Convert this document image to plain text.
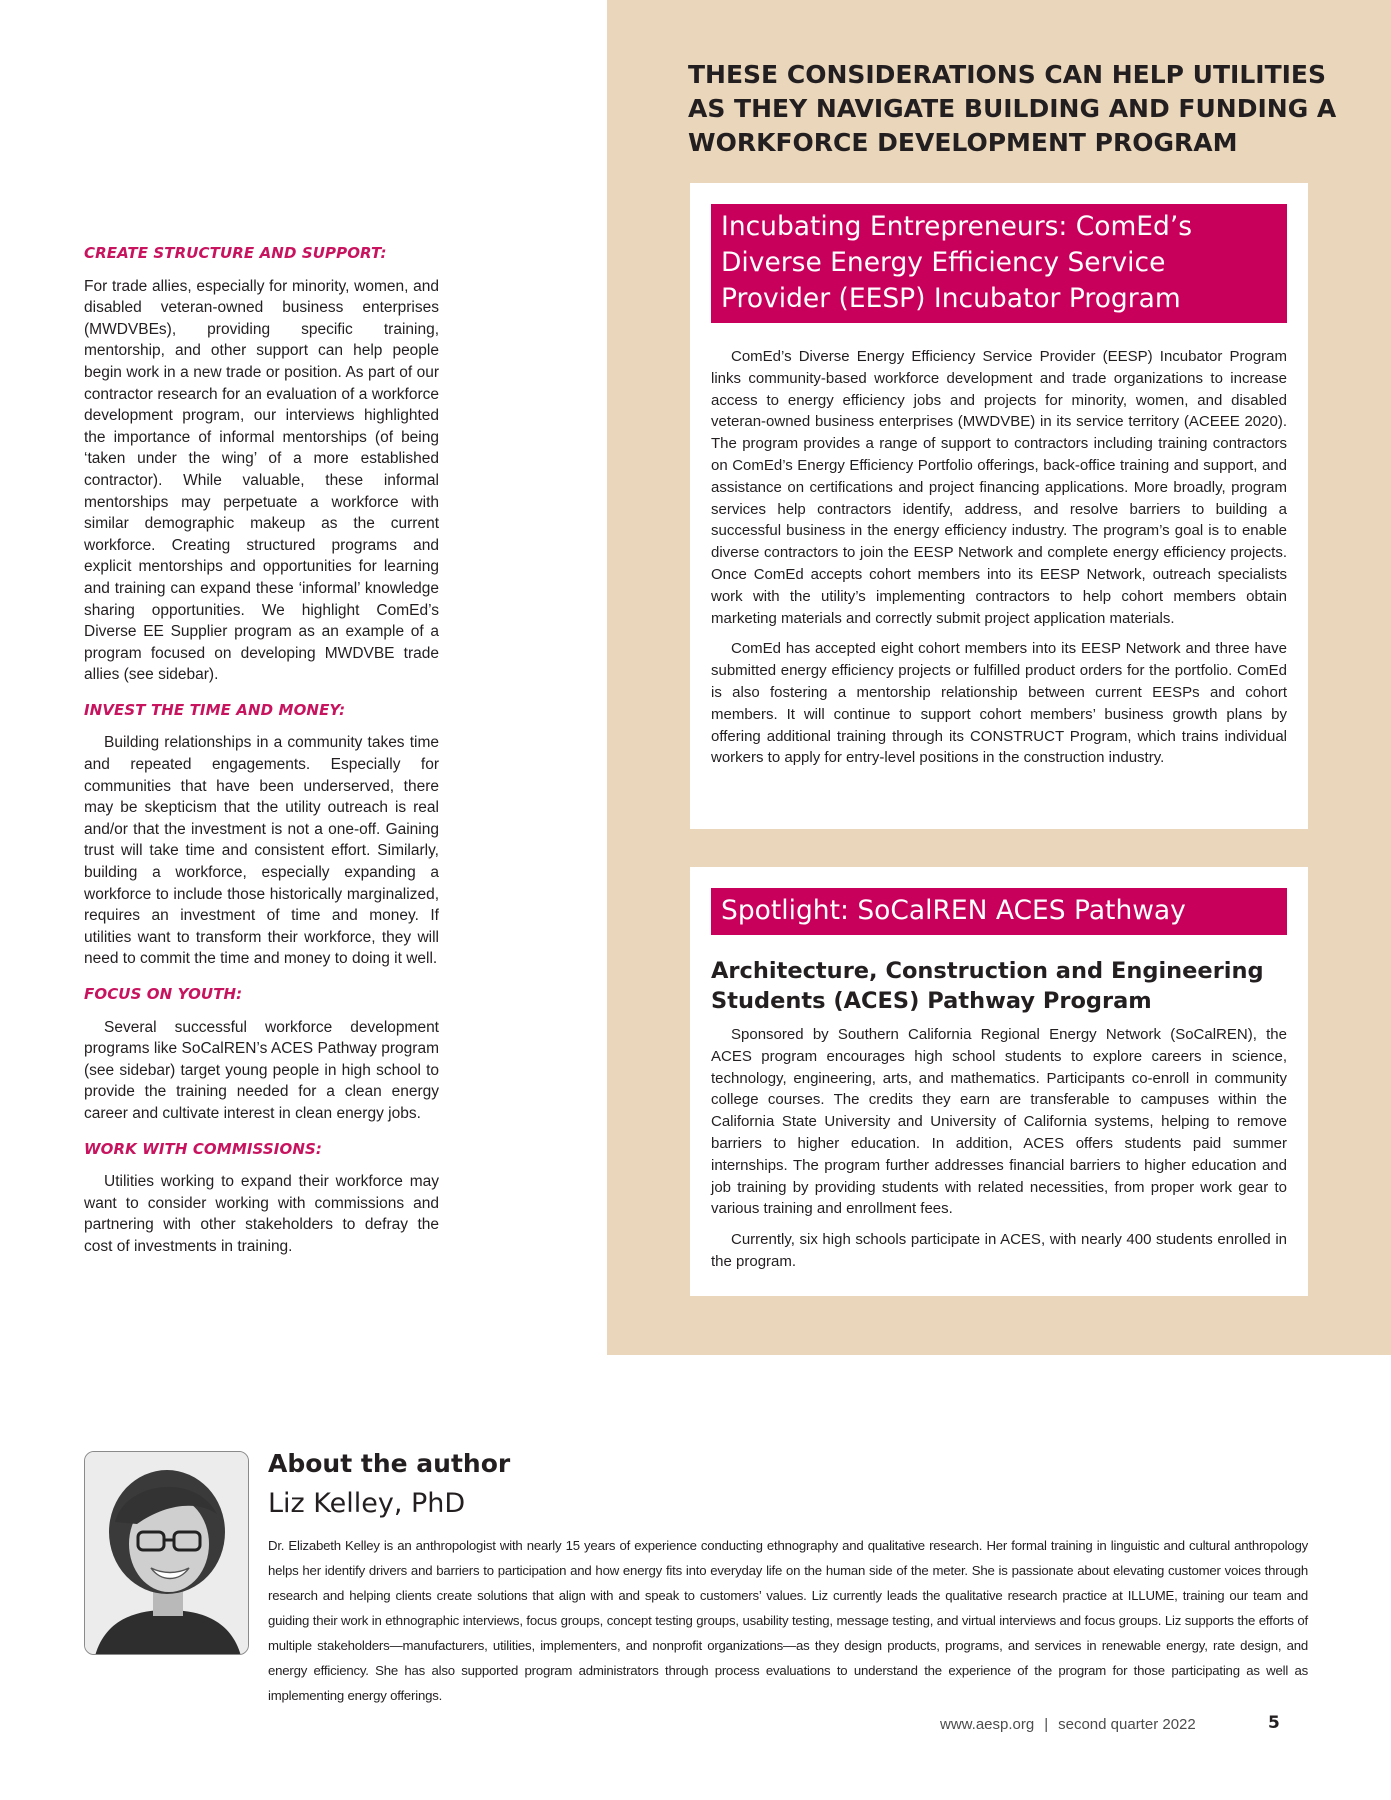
THESE CONSIDERATIONS CAN HELP UTILITIES AS THEY NAVIGATE BUILDING AND FUNDING A WORKFORCE DEVELOPMENT PROGRAM
CREATE STRUCTURE AND SUPPORT:

For trade allies, especially for minority, women, and disabled veteran-owned business enterprises (MWDVBEs), providing specific training, mentorship, and other support can help people begin work in a new trade or position. As part of our contractor research for an evaluation of a workforce development program, our interviews highlighted the importance of informal mentorships (of being ‘taken under the wing’ of a more established contractor). While valuable, these informal mentorships may perpetuate a workforce with similar demographic makeup as the current workforce. Creating structured programs and explicit mentorships and opportunities for learning and training can expand these ‘informal’ knowledge sharing opportunities. We highlight ComEd’s Diverse EE Supplier program as an example of a program focused on developing MWDVBE trade allies (see sidebar).

INVEST THE TIME AND MONEY:

Building relationships in a community takes time and repeated engagements. Especially for communities that have been underserved, there may be skepticism that the utility outreach is real and/or that the investment is not a one-off. Gaining trust will take time and consistent effort. Similarly, building a workforce, especially expanding a workforce to include those historically marginalized, requires an investment of time and money. If utilities want to transform their workforce, they will need to commit the time and money to doing it well.

FOCUS ON YOUTH:

Several successful workforce development programs like SoCalREN’s ACES Pathway program (see sidebar) target young people in high school to provide the training needed for a clean energy career and cultivate interest in clean energy jobs.

WORK WITH COMMISSIONS:

Utilities working to expand their workforce may want to consider working with commissions and partnering with other stakeholders to defray the cost of investments in training.

Incubating Entrepreneurs: ComEd’s Diverse Energy Efficiency Service Provider (EESP) Incubator Program

ComEd’s Diverse Energy Efficiency Service Provider (EESP) Incubator Program links community-based workforce development and trade organizations to increase access to energy efficiency jobs and projects for minority, women, and disabled veteran-owned business enterprises (MWDVBE) in its service territory (ACEEE 2020). The program provides a range of support to contractors including training contractors on ComEd’s Energy Efficiency Portfolio offerings, back-office training and support, and assistance on certifications and project financing applications. More broadly, program services help contractors identify, address, and resolve barriers to building a successful business in the energy efficiency industry. The program’s goal is to enable diverse contractors to join the EESP Network and complete energy efficiency projects. Once ComEd accepts cohort members into its EESP Network, outreach specialists work with the utility’s implementing contractors to help cohort members obtain marketing materials and correctly submit project application materials.

ComEd has accepted eight cohort members into its EESP Network and three have submitted energy efficiency projects or fulfilled product orders for the portfolio. ComEd is also fostering a mentorship relationship between current EESPs and cohort members. It will continue to support cohort members’ business growth plans by offering additional training through its CONSTRUCT Program, which trains individual workers to apply for entry-level positions in the construction industry.

Spotlight: SoCalREN ACES Pathway
Architecture, Construction and Engineering Students (ACES) Pathway Program

Sponsored by Southern California Regional Energy Network (SoCalREN), the ACES program encourages high school students to explore careers in science, technology, engineering, arts, and mathematics. Participants co-enroll in community college courses. The credits they earn are transferable to campuses within the California State University and University of California systems, helping to remove barriers to higher education. In addition, ACES offers students paid summer internships. The program further addresses financial barriers to higher education and job training by providing students with related necessities, from proper work gear to various training and enrollment fees.

Currently, six high schools participate in ACES, with nearly 400 students enrolled in the program.

About the author
Liz Kelley, PhD

Dr. Elizabeth Kelley is an anthropologist with nearly 15 years of experience conducting ethnography and qualitative research. Her formal training in linguistic and cultural anthropology helps her identify drivers and barriers to participation and how energy fits into everyday life on the human side of the meter. She is passionate about elevating customer voices through research and helping clients create solutions that align with and speak to customers’ values. Liz currently leads the qualitative research practice at ILLUME, training our team and guiding their work in ethnographic interviews, focus groups, concept testing groups, usability testing, message testing, and virtual interviews and focus groups. Liz supports the efforts of multiple stakeholders—manufacturers, utilities, implementers, and nonprofit organizations—as they design products, programs, and services in renewable energy, rate design, and energy efficiency. She has also supported program administrators through process evaluations to understand the experience of the program for those participating as well as implementing energy offerings.

www.aesp.org | second quarter 2022	5
